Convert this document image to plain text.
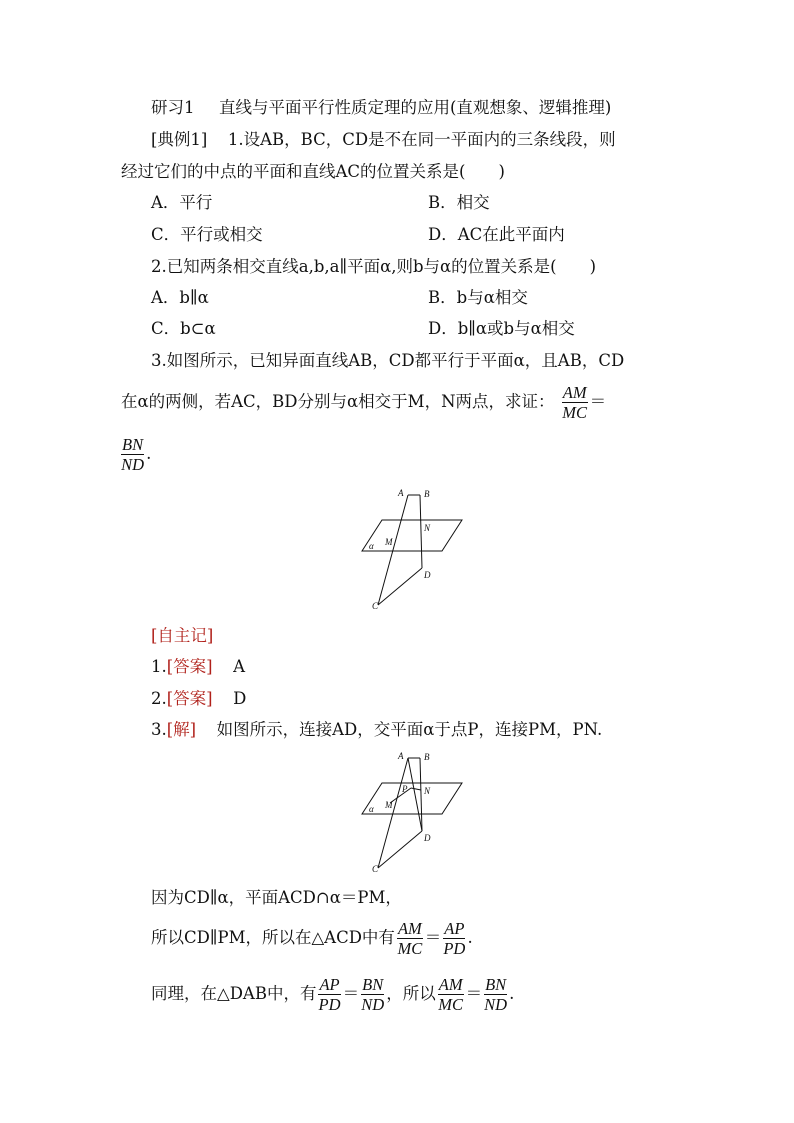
研习1 直线与平面平行性质定理的应用(直观想象、逻辑推理)
[典例1] 1.设AB，BC，CD是不在同一平面内的三条线段，则
经过它们的中点的平面和直线AC的位置关系是(　　)
A．平行	B．相交
C．平行或相交	D．AC在此平面内
2.已知两条相交直线a,b,a∥平面α,则b与α的位置关系是(　　)
A．b∥α	B．b与α相交
C．b⊂α	D．b∥α或b与α相交
3.如图所示，已知异面直线AB，CD都平行于平面α，且AB，CD
在α的两侧，若AC，BD分别与α相交于M，N两点，求证： $\frac{AM}{MC}$ ＝
$\frac{BN}{ND}$ .
A B
C
D
M
N
α
[自主记]
1.[答案] A
2.[答案] D
3.[解] 如图所示，连接AD，交平面α于点P，连接PM，PN.
A B
C
D
M
N
P
α
因为CD∥α，平面ACD∩α＝PM，
所以CD∥PM，所以在△ACD中有 $\frac{AM}{MC} = \frac{AP}{PD}$ .
同理，在△DAB中，有 $\frac{AP}{PD} = \frac{BN}{ND}$ ，所以 $\frac{AM}{MC} = \frac{BN}{ND}$ .
